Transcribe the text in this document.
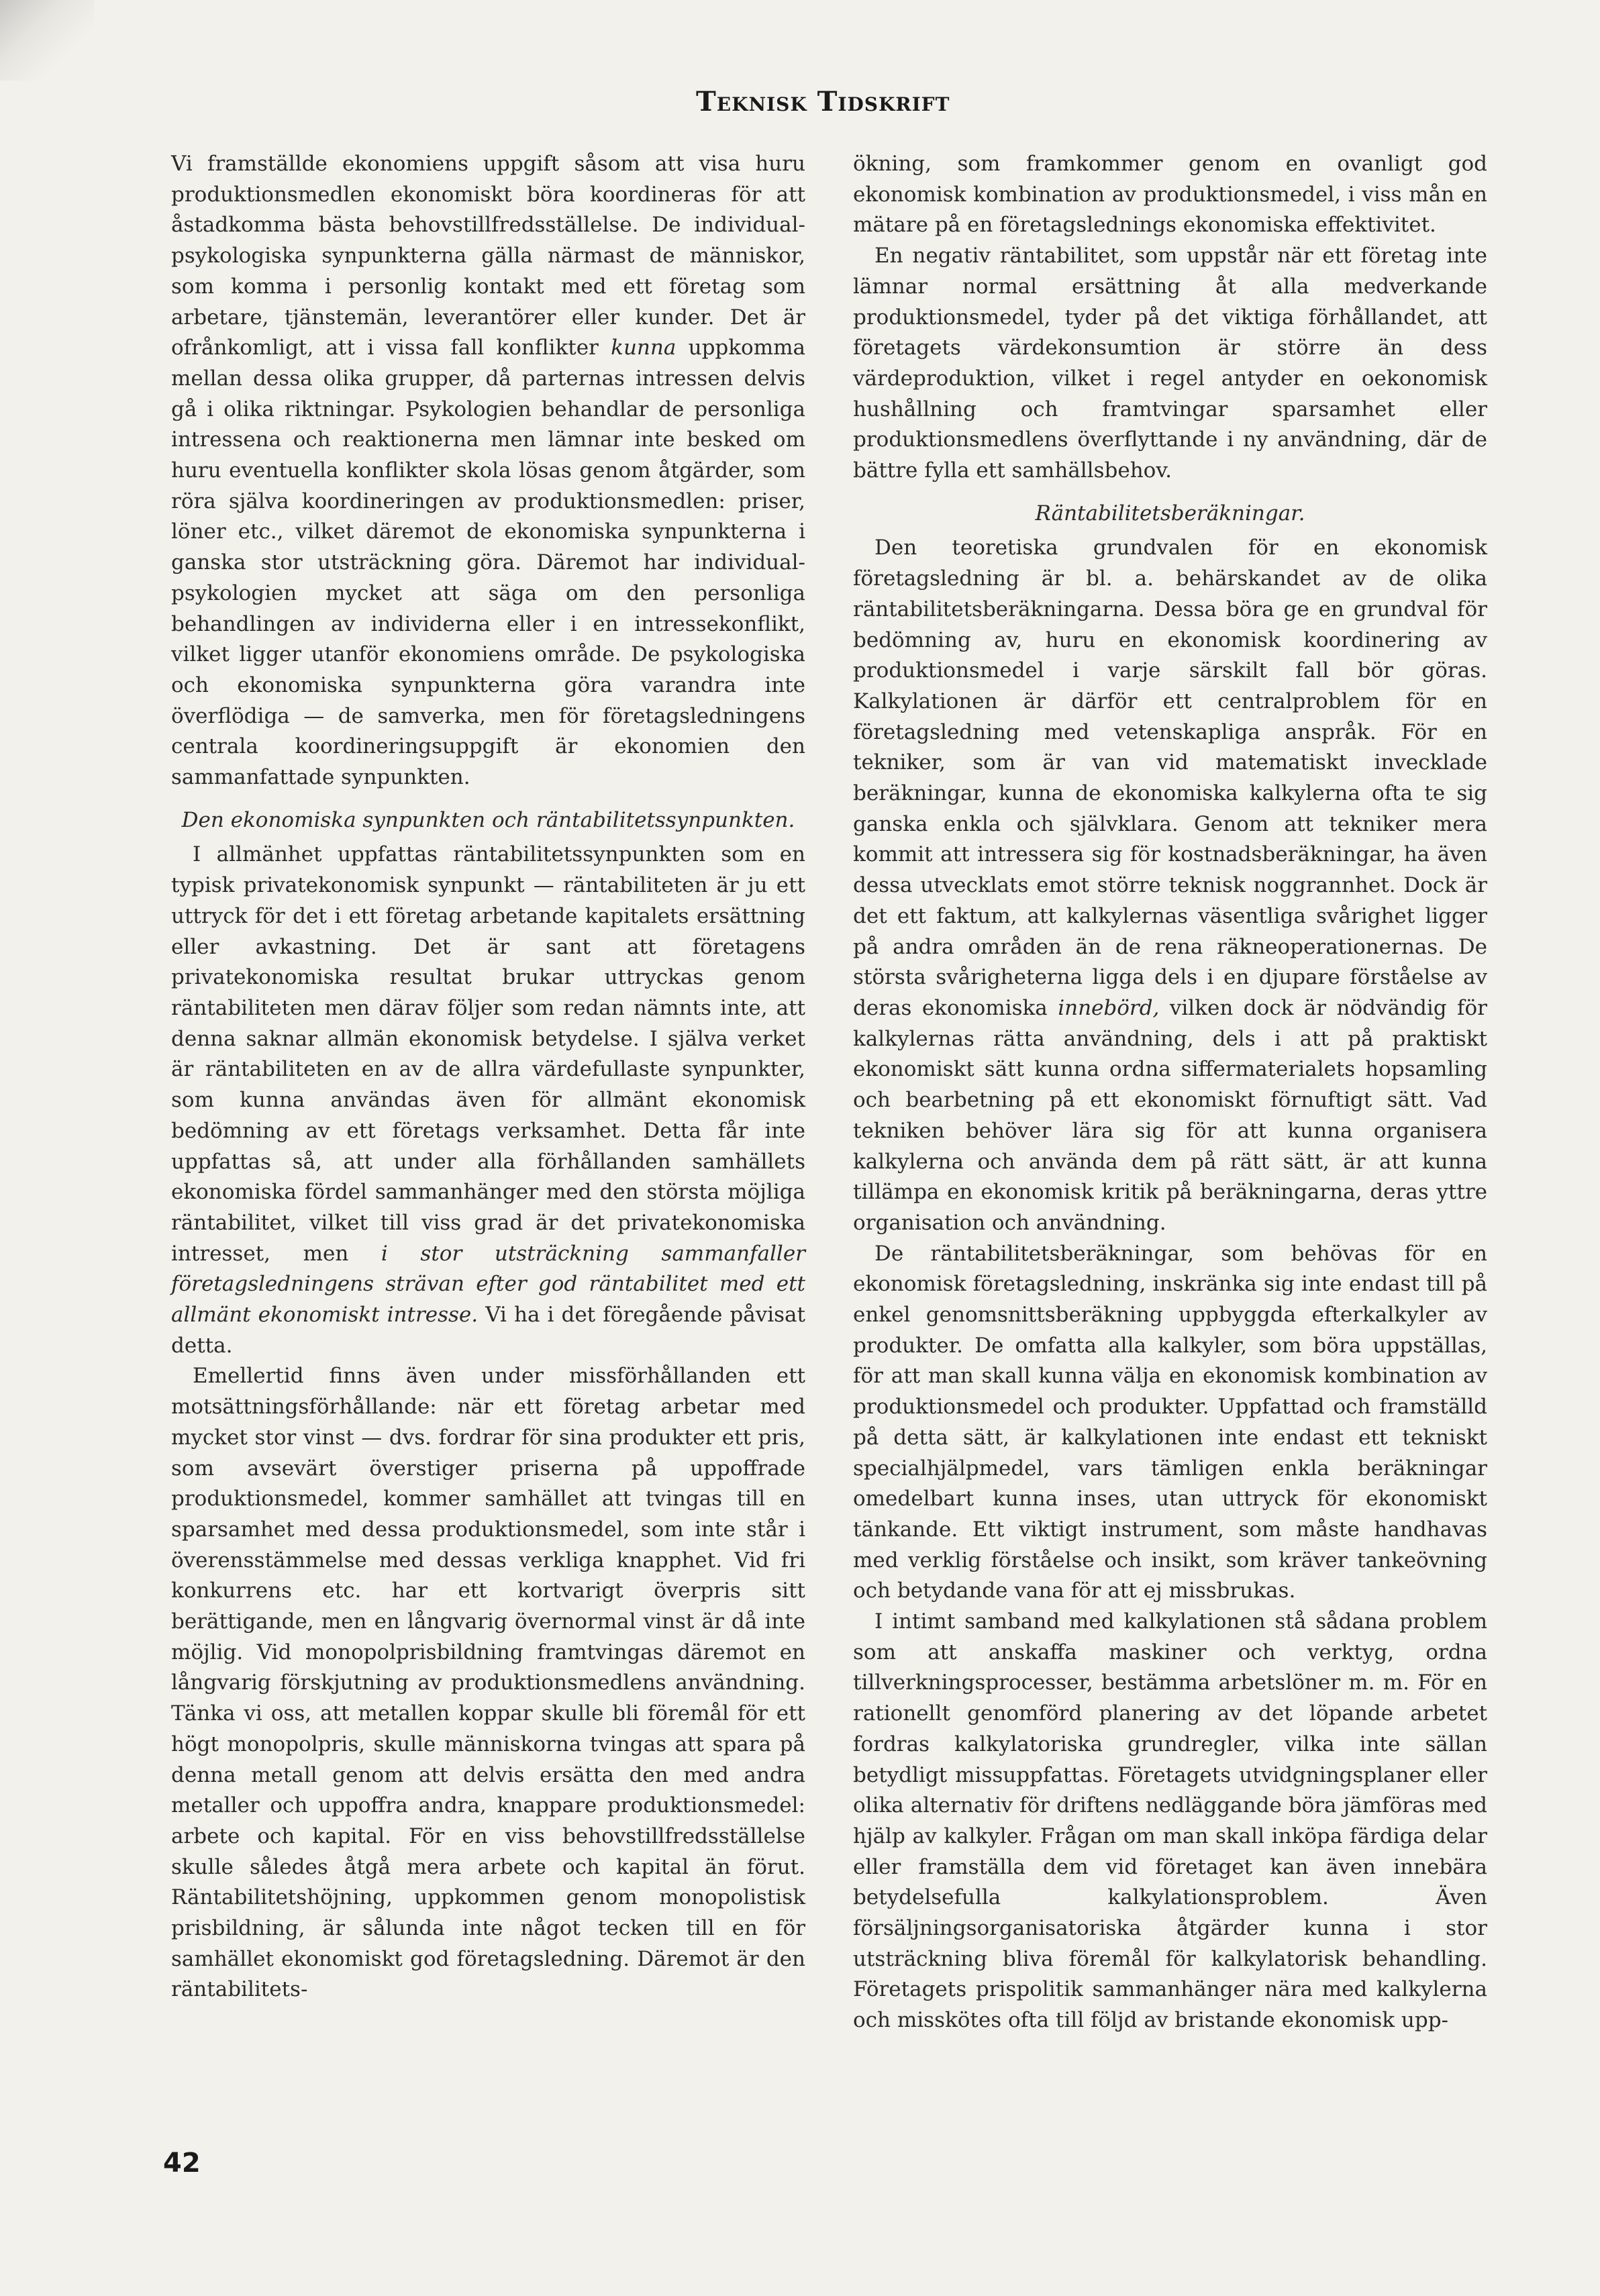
Teknisk Tidskrift

Vi framställde ekonomiens uppgift såsom att visa huru produktionsmedlen ekonomiskt böra koordineras för att åstadkomma bästa behovstillfredsställelse. De individual-psykologiska synpunkterna gälla närmast de människor, som komma i personlig kontakt med ett företag som arbetare, tjänstemän, leverantörer eller kunder. Det är ofrånkomligt, att i vissa fall konflikter kunna uppkomma mellan dessa olika grupper, då parternas intressen delvis gå i olika riktningar. Psykologien behandlar de personliga intressena och reaktionerna men lämnar inte besked om huru eventuella konflikter skola lösas genom åtgärder, som röra själva koordineringen av produktionsmedlen: priser, löner etc., vilket däremot de ekonomiska synpunkterna i ganska stor utsträckning göra. Däremot har individual-psykologien mycket att säga om den personliga behandlingen av individerna eller i en intressekonflikt, vilket ligger utanför ekonomiens område. De psykologiska och ekonomiska synpunkterna göra varandra inte överflödiga — de samverka, men för företagsledningens centrala koordineringsuppgift är ekonomien den sammanfattade synpunkten.

Den ekonomiska synpunkten och räntabilitetssynpunkten.

I allmänhet uppfattas räntabilitetssynpunkten som en typisk privatekonomisk synpunkt — räntabiliteten är ju ett uttryck för det i ett företag arbetande kapitalets ersättning eller avkastning. Det är sant att företagens privatekonomiska resultat brukar uttryckas genom räntabiliteten men därav följer som redan nämnts inte, att denna saknar allmän ekonomisk betydelse. I själva verket är räntabiliteten en av de allra värdefullaste synpunkter, som kunna användas även för allmänt ekonomisk bedömning av ett företags verksamhet. Detta får inte uppfattas så, att under alla förhållanden samhällets ekonomiska fördel sammanhänger med den största möjliga räntabilitet, vilket till viss grad är det privatekonomiska intresset, men i stor utsträckning sammanfaller företagsledningens strävan efter god räntabilitet med ett allmänt ekonomiskt intresse. Vi ha i det föregående påvisat detta.

Emellertid finns även under missförhållanden ett motsättningsförhållande: när ett företag arbetar med mycket stor vinst — dvs. fordrar för sina produkter ett pris, som avsevärt överstiger priserna på uppoffrade produktionsmedel, kommer samhället att tvingas till en sparsamhet med dessa produktionsmedel, som inte står i överensstämmelse med dessas verkliga knapphet. Vid fri konkurrens etc. har ett kortvarigt överpris sitt berättigande, men en långvarig övernormal vinst är då inte möjlig. Vid monopolprisbildning framtvingas däremot en långvarig förskjutning av produktionsmedlens användning. Tänka vi oss, att metallen koppar skulle bli föremål för ett högt monopolpris, skulle människorna tvingas att spara på denna metall genom att delvis ersätta den med andra metaller och uppoffra andra, knappare produktionsmedel: arbete och kapital. För en viss behovstillfredsställelse skulle således åtgå mera arbete och kapital än förut. Räntabilitetshöjning, uppkommen genom monopolistisk prisbildning, är sålunda inte något tecken till en för samhället ekonomiskt god företagsledning. Däremot är den räntabilitets-

ökning, som framkommer genom en ovanligt god ekonomisk kombination av produktionsmedel, i viss mån en mätare på en företagslednings ekonomiska effektivitet.

En negativ räntabilitet, som uppstår när ett företag inte lämnar normal ersättning åt alla medverkande produktionsmedel, tyder på det viktiga förhållandet, att företagets värdekonsumtion är större än dess värdeproduktion, vilket i regel antyder en oekonomisk hushållning och framtvingar sparsamhet eller produktionsmedlens överflyttande i ny användning, där de bättre fylla ett samhällsbehov.

Räntabilitetsberäkningar.

Den teoretiska grundvalen för en ekonomisk företagsledning är bl. a. behärskandet av de olika räntabilitetsberäkningarna. Dessa böra ge en grundval för bedömning av, huru en ekonomisk koordinering av produktionsmedel i varje särskilt fall bör göras. Kalkylationen är därför ett centralproblem för en företagsledning med vetenskapliga anspråk. För en tekniker, som är van vid matematiskt invecklade beräkningar, kunna de ekonomiska kalkylerna ofta te sig ganska enkla och självklara. Genom att tekniker mera kommit att intressera sig för kostnadsberäkningar, ha även dessa utvecklats emot större teknisk noggrannhet. Dock är det ett faktum, att kalkylernas väsentliga svårighet ligger på andra områden än de rena räkneoperationernas. De största svårigheterna ligga dels i en djupare förståelse av deras ekonomiska innebörd, vilken dock är nödvändig för kalkylernas rätta användning, dels i att på praktiskt ekonomiskt sätt kunna ordna siffermaterialets hopsamling och bearbetning på ett ekonomiskt förnuftigt sätt. Vad tekniken behöver lära sig för att kunna organisera kalkylerna och använda dem på rätt sätt, är att kunna tillämpa en ekonomisk kritik på beräkningarna, deras yttre organisation och användning.

De räntabilitetsberäkningar, som behövas för en ekonomisk företagsledning, inskränka sig inte endast till på enkel genomsnittsberäkning uppbyggda efterkalkyler av produkter. De omfatta alla kalkyler, som böra uppställas, för att man skall kunna välja en ekonomisk kombination av produktionsmedel och produkter. Uppfattad och framställd på detta sätt, är kalkylationen inte endast ett tekniskt specialhjälpmedel, vars tämligen enkla beräkningar omedelbart kunna inses, utan uttryck för ekonomiskt tänkande. Ett viktigt instrument, som måste handhavas med verklig förståelse och insikt, som kräver tankeövning och betydande vana för att ej missbrukas.

I intimt samband med kalkylationen stå sådana problem som att anskaffa maskiner och verktyg, ordna tillverkningsprocesser, bestämma arbetslöner m. m. För en rationellt genomförd planering av det löpande arbetet fordras kalkylatoriska grundregler, vilka inte sällan betydligt missuppfattas. Företagets utvidgningsplaner eller olika alternativ för driftens nedläggande böra jämföras med hjälp av kalkyler. Frågan om man skall inköpa färdiga delar eller framställa dem vid företaget kan även innebära betydelsefulla kalkylationsproblem. Även försäljningsorganisatoriska åtgärder kunna i stor utsträckning bliva föremål för kalkylatorisk behandling. Företagets prispolitik sammanhänger nära med kalkylerna och misskötes ofta till följd av bristande ekonomisk upp-

42
